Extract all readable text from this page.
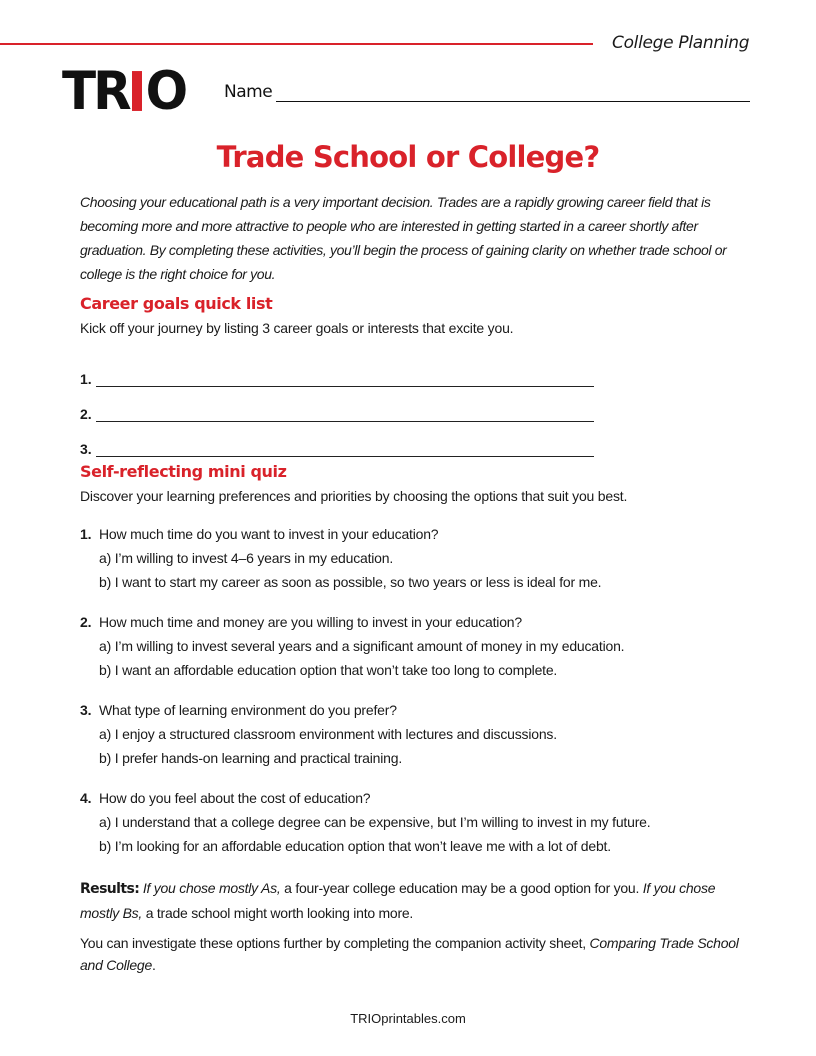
College Planning
TR O Name
Trade School or College?

Choosing your educational path is a very important decision. Trades are a rapidly growing career field that is becoming more and more attractive to people who are interested in getting started in a career shortly after graduation. By completing these activities, you’ll begin the process of gaining clarity on whether trade school or college is the right choice for you.

Career goals quick list

Kick off your journey by listing 3 career goals or interests that excite you.

1.
2.
3.
Self-reflecting mini quiz

Discover your learning preferences and priorities by choosing the options that suit you best.

1. How much time do you want to invest in your education?
a) I’m willing to invest 4–6 years in my education.
b) I want to start my career as soon as possible, so two years or less is ideal for me.
2. How much time and money are you willing to invest in your education?
a) I’m willing to invest several years and a significant amount of money in my education.
b) I want an affordable education option that won’t take too long to complete.
3. What type of learning environment do you prefer?
a) I enjoy a structured classroom environment with lectures and discussions.
b) I prefer hands-on learning and practical training.
4. How do you feel about the cost of education?
a) I understand that a college degree can be expensive, but I’m willing to invest in my future.
b) I’m looking for an affordable education option that won’t leave me with a lot of debt.

Results: If you chose mostly As, a four-year college education may be a good option for you. If you chose mostly Bs, a trade school might worth looking into more.

You can investigate these options further by completing the companion activity sheet, Comparing Trade School and College.

TRIOprintables.com
